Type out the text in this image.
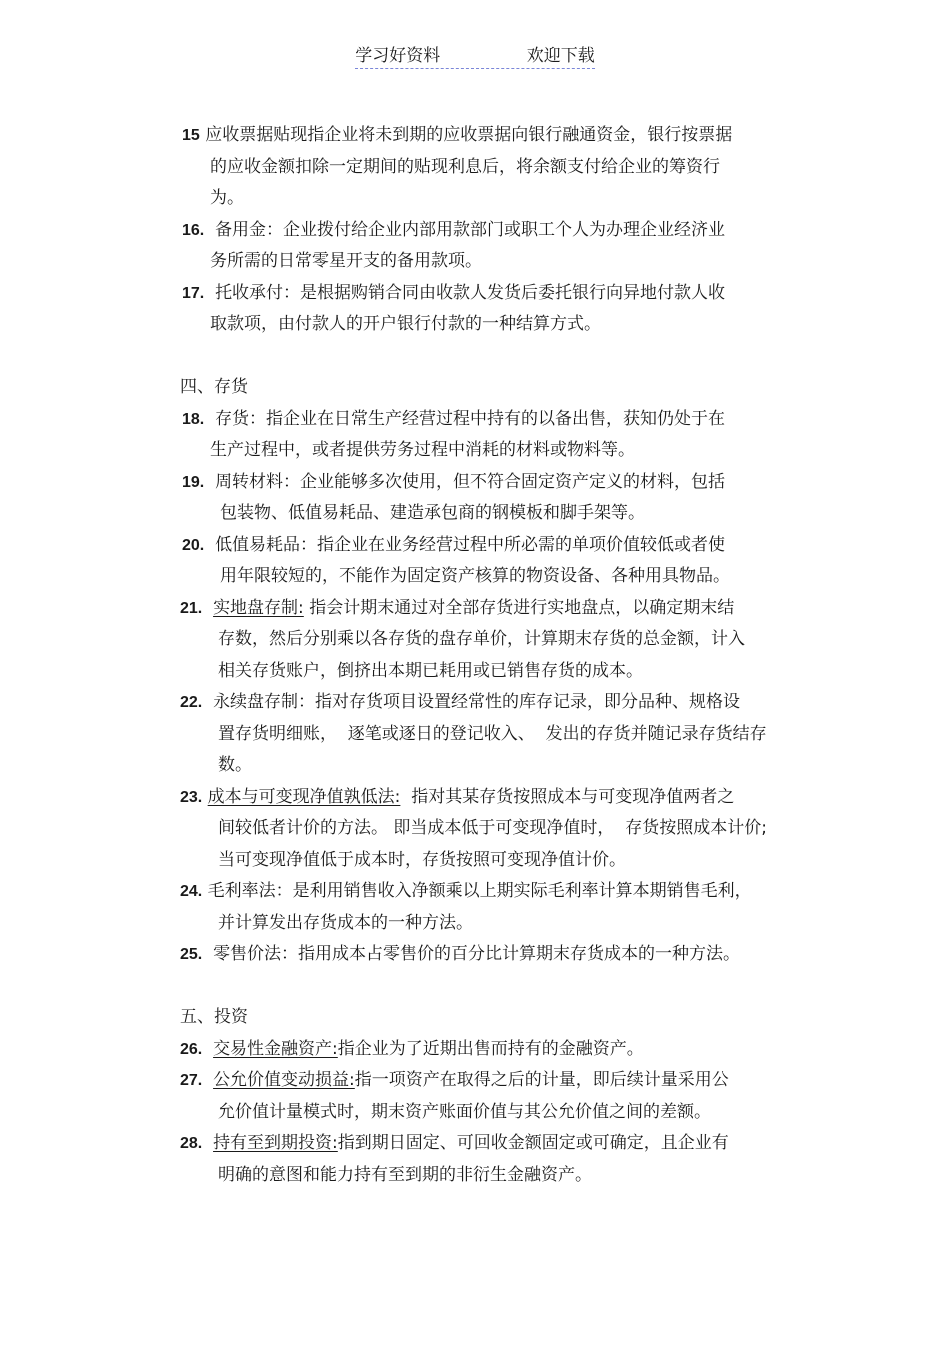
学习好资料	欢迎下载
15 应收票据贴现指企业将未到期的应收票据向银行融通资金，银行按票据
的应收金额扣除一定期间的贴现利息后，将余额支付给企业的筹资行
为。
16. 备用金：企业拨付给企业内部用款部门或职工个人为办理企业经济业
务所需的日常零星开支的备用款项。
17. 托收承付：是根据购销合同由收款人发货后委托银行向异地付款人收
取款项，由付款人的开户银行付款的一种结算方式。
四、存货
18. 存货：指企业在日常生产经营过程中持有的以备出售，获知仍处于在
生产过程中，或者提供劳务过程中消耗的材料或物料等。
19. 周转材料：企业能够多次使用，但不符合固定资产定义的材料，包括
包装物、低值易耗品、建造承包商的钢模板和脚手架等。
20. 低值易耗品：指企业在业务经营过程中所必需的单项价值较低或者使
用年限较短的，不能作为固定资产核算的物资设备、各种用具物品。
21. 实地盘存制: 指会计期末通过对全部存货进行实地盘点，以确定期末结
存数，然后分别乘以各存货的盘存单价，计算期末存货的总金额，计入
相关存货账户，倒挤出本期已耗用或已销售存货的成本。
22. 永续盘存制：指对存货项目设置经常性的库存记录，即分品种、规格设
置存货明细账，  逐笔或逐日的登记收入、  发出的存货并随记录存货结存
数。
23. 成本与可变现净值孰低法:  指对其某存货按照成本与可变现净值两者之
间较低者计价的方法。 即当成本低于可变现净值时，  存货按照成本计价;
当可变现净值低于成本时，存货按照可变现净值计价。
24. 毛利率法：是利用销售收入净额乘以上期实际毛利率计算本期销售毛利，
并计算发出存货成本的一种方法。
25. 零售价法：指用成本占零售价的百分比计算期末存货成本的一种方法。
五、投资
26. 交易性金融资产:指企业为了近期出售而持有的金融资产。
27. 公允价值变动损益:指一项资产在取得之后的计量，即后续计量采用公
允价值计量模式时，期末资产账面价值与其公允价值之间的差额。
28. 持有至到期投资:指到期日固定、可回收金额固定或可确定，且企业有
明确的意图和能力持有至到期的非衍生金融资产。
